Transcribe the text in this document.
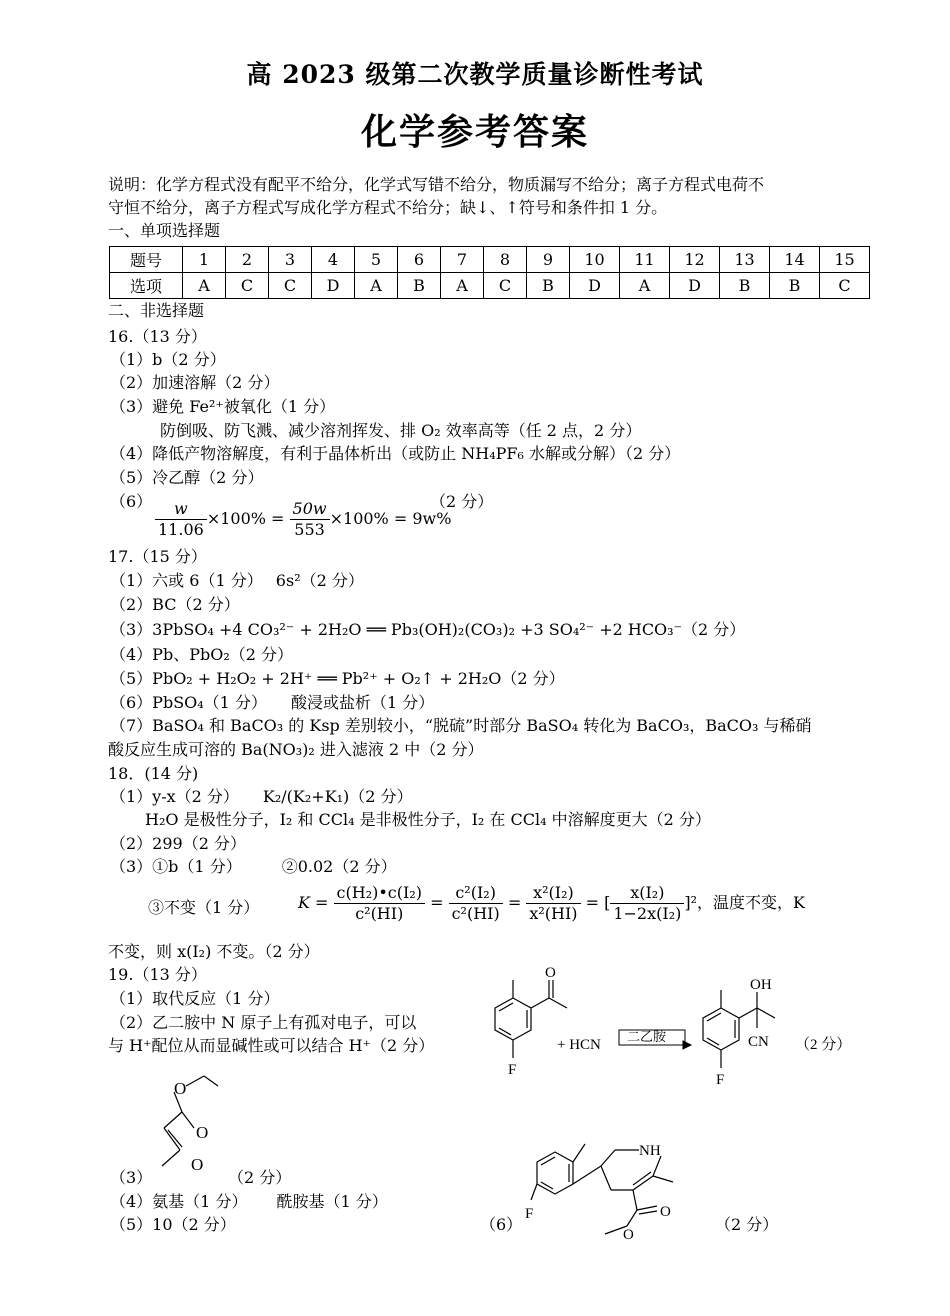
高 2023 级第二次教学质量诊断性考试
化学参考答案
说明：化学方程式没有配平不给分，化学式写错不给分，物质漏写不给分；离子方程式电荷不
守恒不给分，离子方程式写成化学方程式不给分；缺↓、↑符号和条件扣 1 分。
一、单项选择题
题号	1	2	3	4	5	6	7	8	9	10	11	12	13	14	15
选项	A	C	C	D	A	B	A	C	B	D	A	D	B	B	C
二、非选择题
16.（13 分）
（1）b（2 分）
（2）加速溶解（2 分）
（3）避免 Fe²⁺被氧化（1 分）
防倒吸、防飞溅、减少溶剂挥发、排 O₂ 效率高等（任 2 点，2 分）
（4）降低产物溶解度，有利于晶体析出（或防止 NH₄PF₆ 水解或分解）（2 分）
（5）冷乙醇（2 分）
$(6) \frac{w}{11.06} \times 100\% = \frac{50w}{553} \times 100\% = 9w\%$
（2 分）
17.（15 分）
（1）六或 6（1 分）　 6s²（2 分）
（2）BC（2 分）
（3）3PbSO₄ +4 CO₃²⁻ + 2H₂O ══ Pb₃(OH)₂(CO₃)₂ +3 SO₄²⁻ +2 HCO₃⁻（2 分）
（4）Pb、PbO₂（2 分）
（5）PbO₂ + H₂O₂ + 2H⁺ ══ Pb²⁺ + O₂↑ + 2H₂O（2 分）
（6）PbSO₄（1 分）　　酸浸或盐析（1 分）
（7）BaSO₄ 和 BaCO₃ 的 Ksp 差别较小，“脱硫”时部分 BaSO₄ 转化为 BaCO₃，BaCO₃ 与稀硝
酸反应生成可溶的 Ba(NO₃)₂ 进入滤液 2 中（2 分）
18．(14 分)
（1）y-x（2 分）　　K₂/(K₂+K₁)（2 分）
H₂O 是极性分子，I₂ 和 CCl₄ 是非极性分子，I₂ 在 CCl₄ 中溶解度更大（2 分）
（2）299（2 分）
（3）①b（1 分）　　　②0.02（2 分）
③不变（1 分） $K = \frac{\text{c(H₂)•c(I₂)}}{\text{c²(HI)}} = \frac{\text{c²(I₂)}}{\text{c²(HI)}} = \frac{\text{x²(I₂)}}{\text{x²(HI)}}$ = [ $\frac{\text{x(I₂)}}{\text{1−2x(I₂)}} ]^2$，温度不变，K
不变，则 x(I₂) 不变。（2 分）
19.（13 分）
（1）取代反应（1 分）
（2）乙二胺中 N 原子上有孤对电子，可以
与 H⁺配位从而显碱性或可以结合 H⁺（2 分）
O
F
+ HCN
二乙胺
OH
CN
F
（2 分）
O
O
O
（3）	（2 分）
（4）氨基（1 分）　　 酰胺基（1 分）
（5）10（2 分）
NH
F	O
O
（6）	（2 分）
